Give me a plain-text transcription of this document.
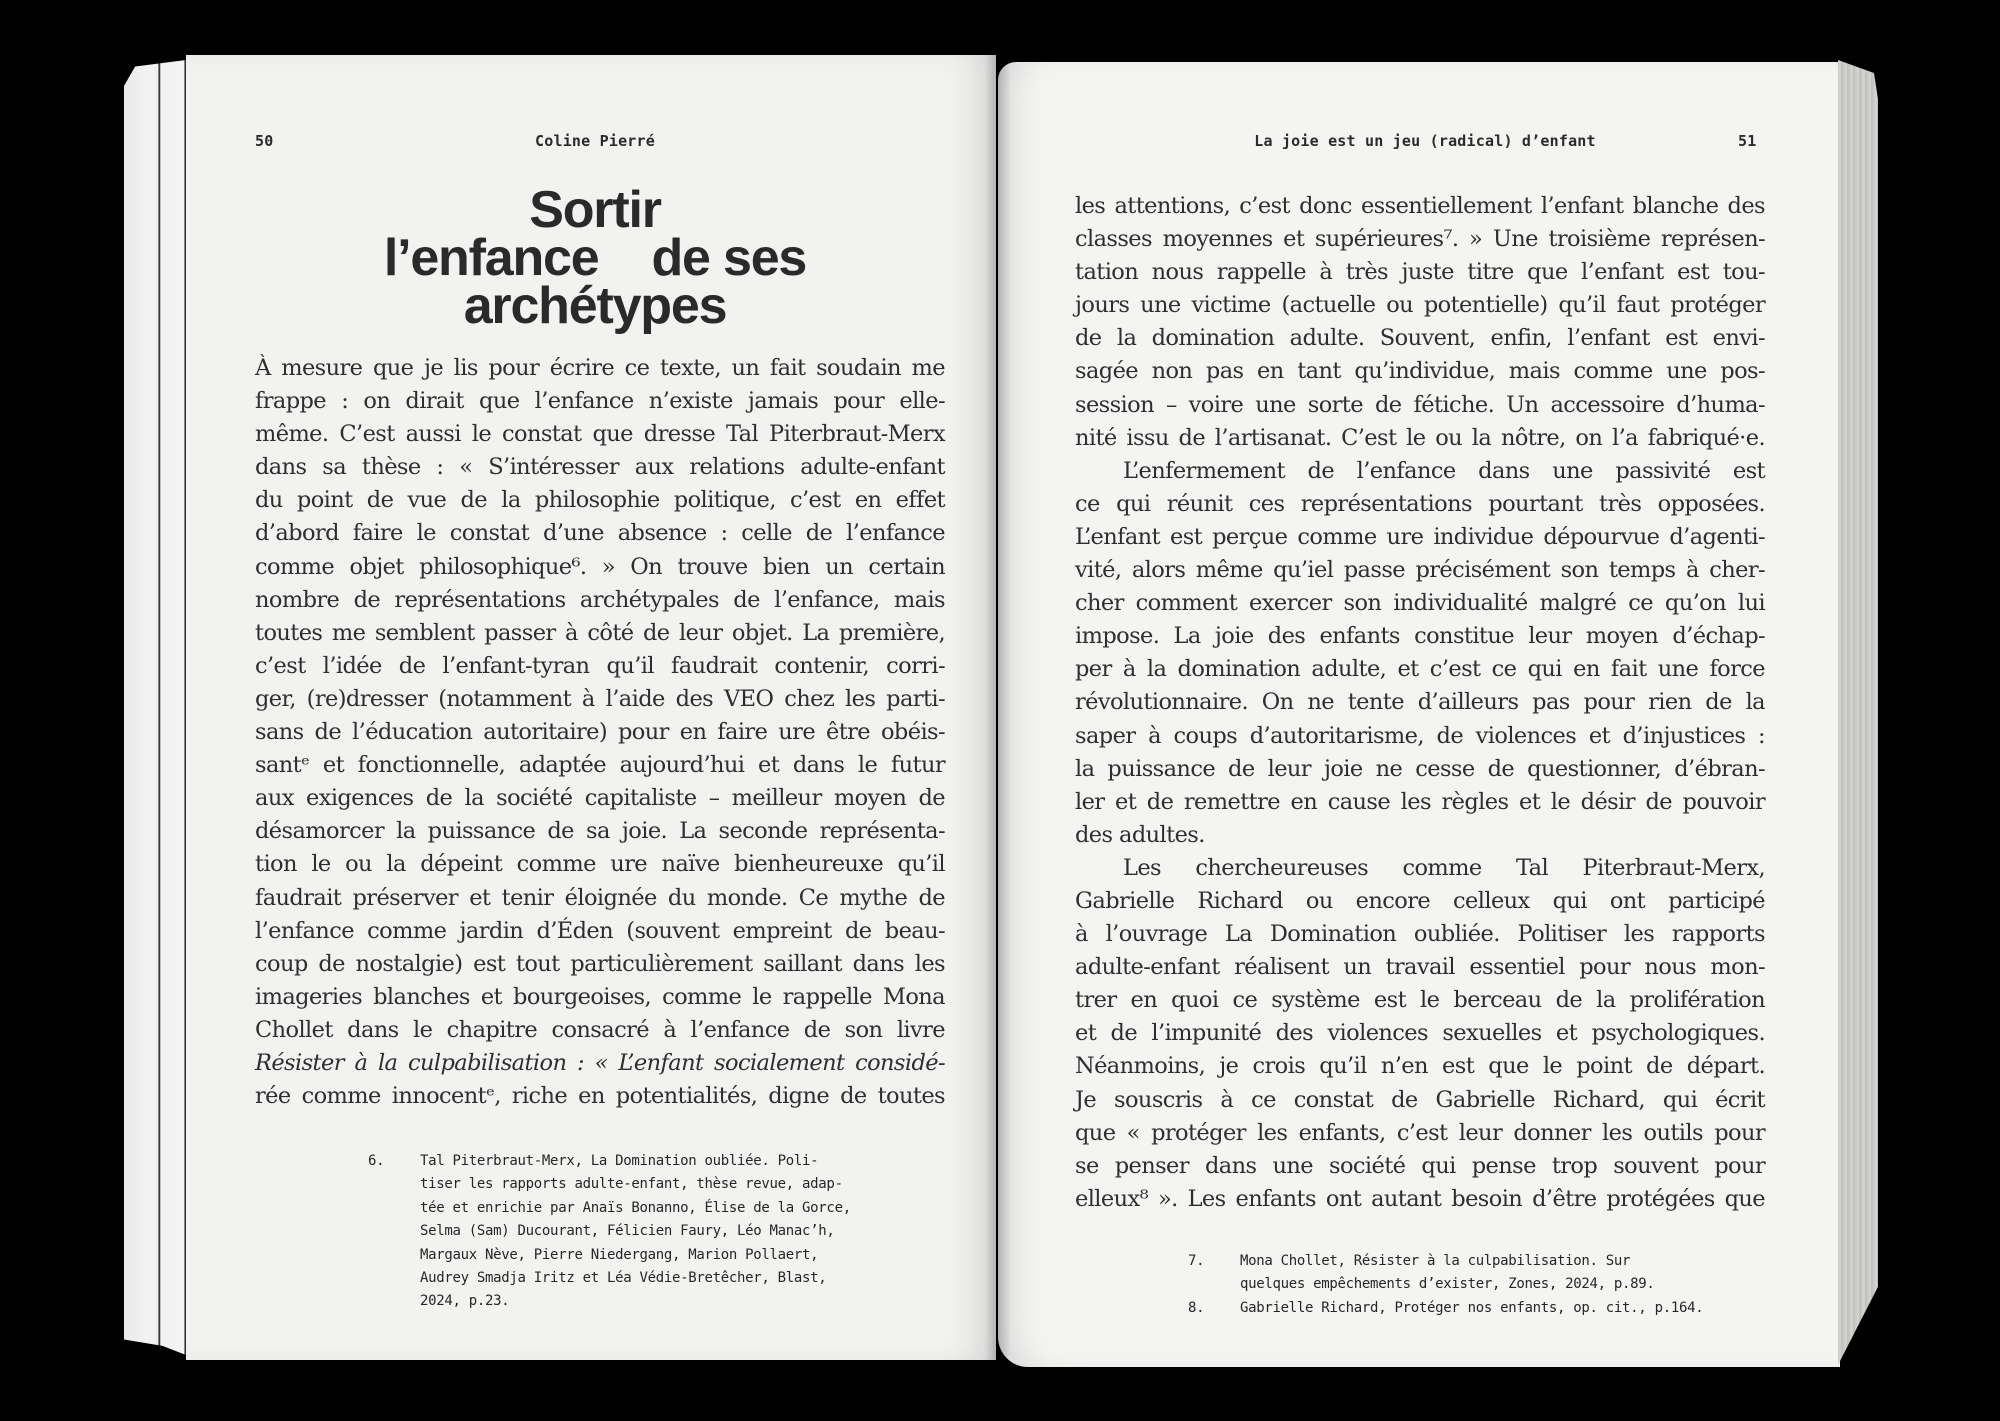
50	Coline Pierré
Sortir
l’enfance    de ses
archétypes
À mesure que je lis pour écrire ce texte, un fait soudain me
frappe : on dirait que l’enfance n’existe jamais pour elle-
même. C’est aussi le constat que dresse Tal Piterbraut-Merx
dans sa thèse : « S’intéresser aux relations adulte-enfant
du point de vue de la philosophie politique, c’est en effet
d’abord faire le constat d’une absence : celle de l’enfance
comme objet philosophique⁶. » On trouve bien un certain
nombre de représentations archétypales de l’enfance, mais
toutes me semblent passer à côté de leur objet. La première,
c’est l’idée de l’enfant-tyran qu’il faudrait contenir, corri-
ger, (re)dresser (notamment à l’aide des VEO chez les parti-
sans de l’éducation autoritaire) pour en faire ure être obéis-
santᵉ et fonctionnelle, adaptée aujourd’hui et dans le futur
aux exigences de la société capitaliste – meilleur moyen de
désamorcer la puissance de sa joie. La seconde représenta-
tion le ou la dépeint comme ure naïve bienheureuxe qu’il
faudrait préserver et tenir éloignée du monde. Ce mythe de
l’enfance comme jardin d’Éden (souvent empreint de beau-
coup de nostalgie) est tout particulièrement saillant dans les
imageries blanches et bourgeoises, comme le rappelle Mona
Chollet dans le chapitre consacré à l’enfance de son livre
Résister à la culpabilisation : « L’enfant socialement considé-
rée comme innocentᵉ, riche en potentialités, digne de toutes
6.	Tal Piterbraut-Merx, La Domination oubliée. Poli-
tiser les rapports adulte-enfant, thèse revue, adap-
tée et enrichie par Anaïs Bonanno, Élise de la Gorce,
Selma (Sam) Ducourant, Félicien Faury, Léo Manac’h,
Margaux Nève, Pierre Niedergang, Marion Pollaert,
Audrey Smadja Iritz et Léa Védie-Bretêcher, Blast,
2024, p.23.
La joie est un jeu (radical) d’enfant	51
les attentions, c’est donc essentiellement l’enfant blanche des
classes moyennes et supérieures⁷. » Une troisième représen-
tation nous rappelle à très juste titre que l’enfant est tou-
jours une victime (actuelle ou potentielle) qu’il faut protéger
de la domination adulte. Souvent, enfin, l’enfant est envi-
sagée non pas en tant qu’individue, mais comme une pos-
session – voire une sorte de fétiche. Un accessoire d’huma-
nité issu de l’artisanat. C’est le ou la nôtre, on l’a fabriqué·e.
L’enfermement de l’enfance dans une passivité est
ce qui réunit ces représentations pourtant très opposées.
L’enfant est perçue comme ure individue dépourvue d’agenti-
vité, alors même qu’iel passe précisément son temps à cher-
cher comment exercer son individualité malgré ce qu’on lui
impose. La joie des enfants constitue leur moyen d’échap-
per à la domination adulte, et c’est ce qui en fait une force
révolutionnaire. On ne tente d’ailleurs pas pour rien de la
saper à coups d’autoritarisme, de violences et d’injustices :
la puissance de leur joie ne cesse de questionner, d’ébran-
ler et de remettre en cause les règles et le désir de pouvoir
des adultes.
Les chercheureuses comme Tal Piterbraut-Merx,
Gabrielle Richard ou encore celleux qui ont participé
à l’ouvrage La Domination oubliée. Politiser les rapports
adulte-enfant réalisent un travail essentiel pour nous mon-
trer en quoi ce système est le berceau de la prolifération
et de l’impunité des violences sexuelles et psychologiques.
Néanmoins, je crois qu’il n’en est que le point de départ.
Je souscris à ce constat de Gabrielle Richard, qui écrit
que « protéger les enfants, c’est leur donner les outils pour
se penser dans une société qui pense trop souvent pour
elleux⁸ ». Les enfants ont autant besoin d’être protégées que
7.	Mona Chollet, Résister à la culpabilisation. Sur
quelques empêchements d’exister, Zones, 2024, p.89.
8.	Gabrielle Richard, Protéger nos enfants, op. cit., p.164.
